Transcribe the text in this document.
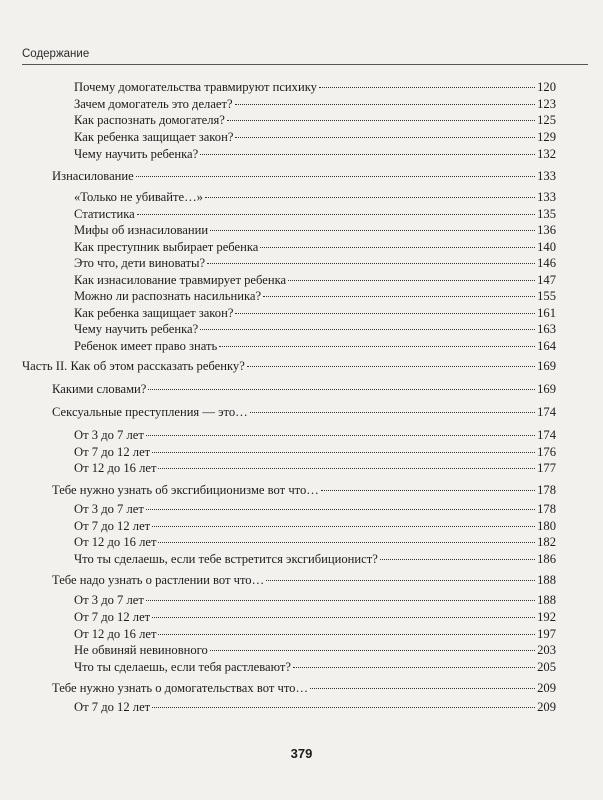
Содержание
Почему домогательства травмируют психику	120
Зачем домогатель это делает?	123
Как распознать домогателя?	125
Как ребенка защищает закон?	129
Чему научить ребенка?	132
Изнасилование	133
«Только не убивайте…»	133
Статистика	135
Мифы об изнасиловании	136
Как преступник выбирает ребенка	140
Это что, дети виноваты?	146
Как изнасилование травмирует ребенка	147
Можно ли распознать насильника?	155
Как ребенка защищает закон?	161
Чему научить ребенка?	163
Ребенок имеет право знать	164
Часть II. Как об этом рассказать ребенку?	169
Какими словами?	169
Сексуальные преступления — это…	174
От 3 до 7 лет	174
От 7 до 12 лет	176
От 12 до 16 лет	177
Тебе нужно узнать об эксгибиционизме вот что…	178
От 3 до 7 лет	178
От 7 до 12 лет	180
От 12 до 16 лет	182
Что ты сделаешь, если тебе встретится эксгибиционист?	186
Тебе надо узнать о растлении вот что…	188
От 3 до 7 лет	188
От 7 до 12 лет	192
От 12 до 16 лет	197
Не обвиняй невиновного	203
Что ты сделаешь, если тебя растлевают?	205
Тебе нужно узнать о домогательствах вот что…	209
От 7 до 12 лет	209
379
